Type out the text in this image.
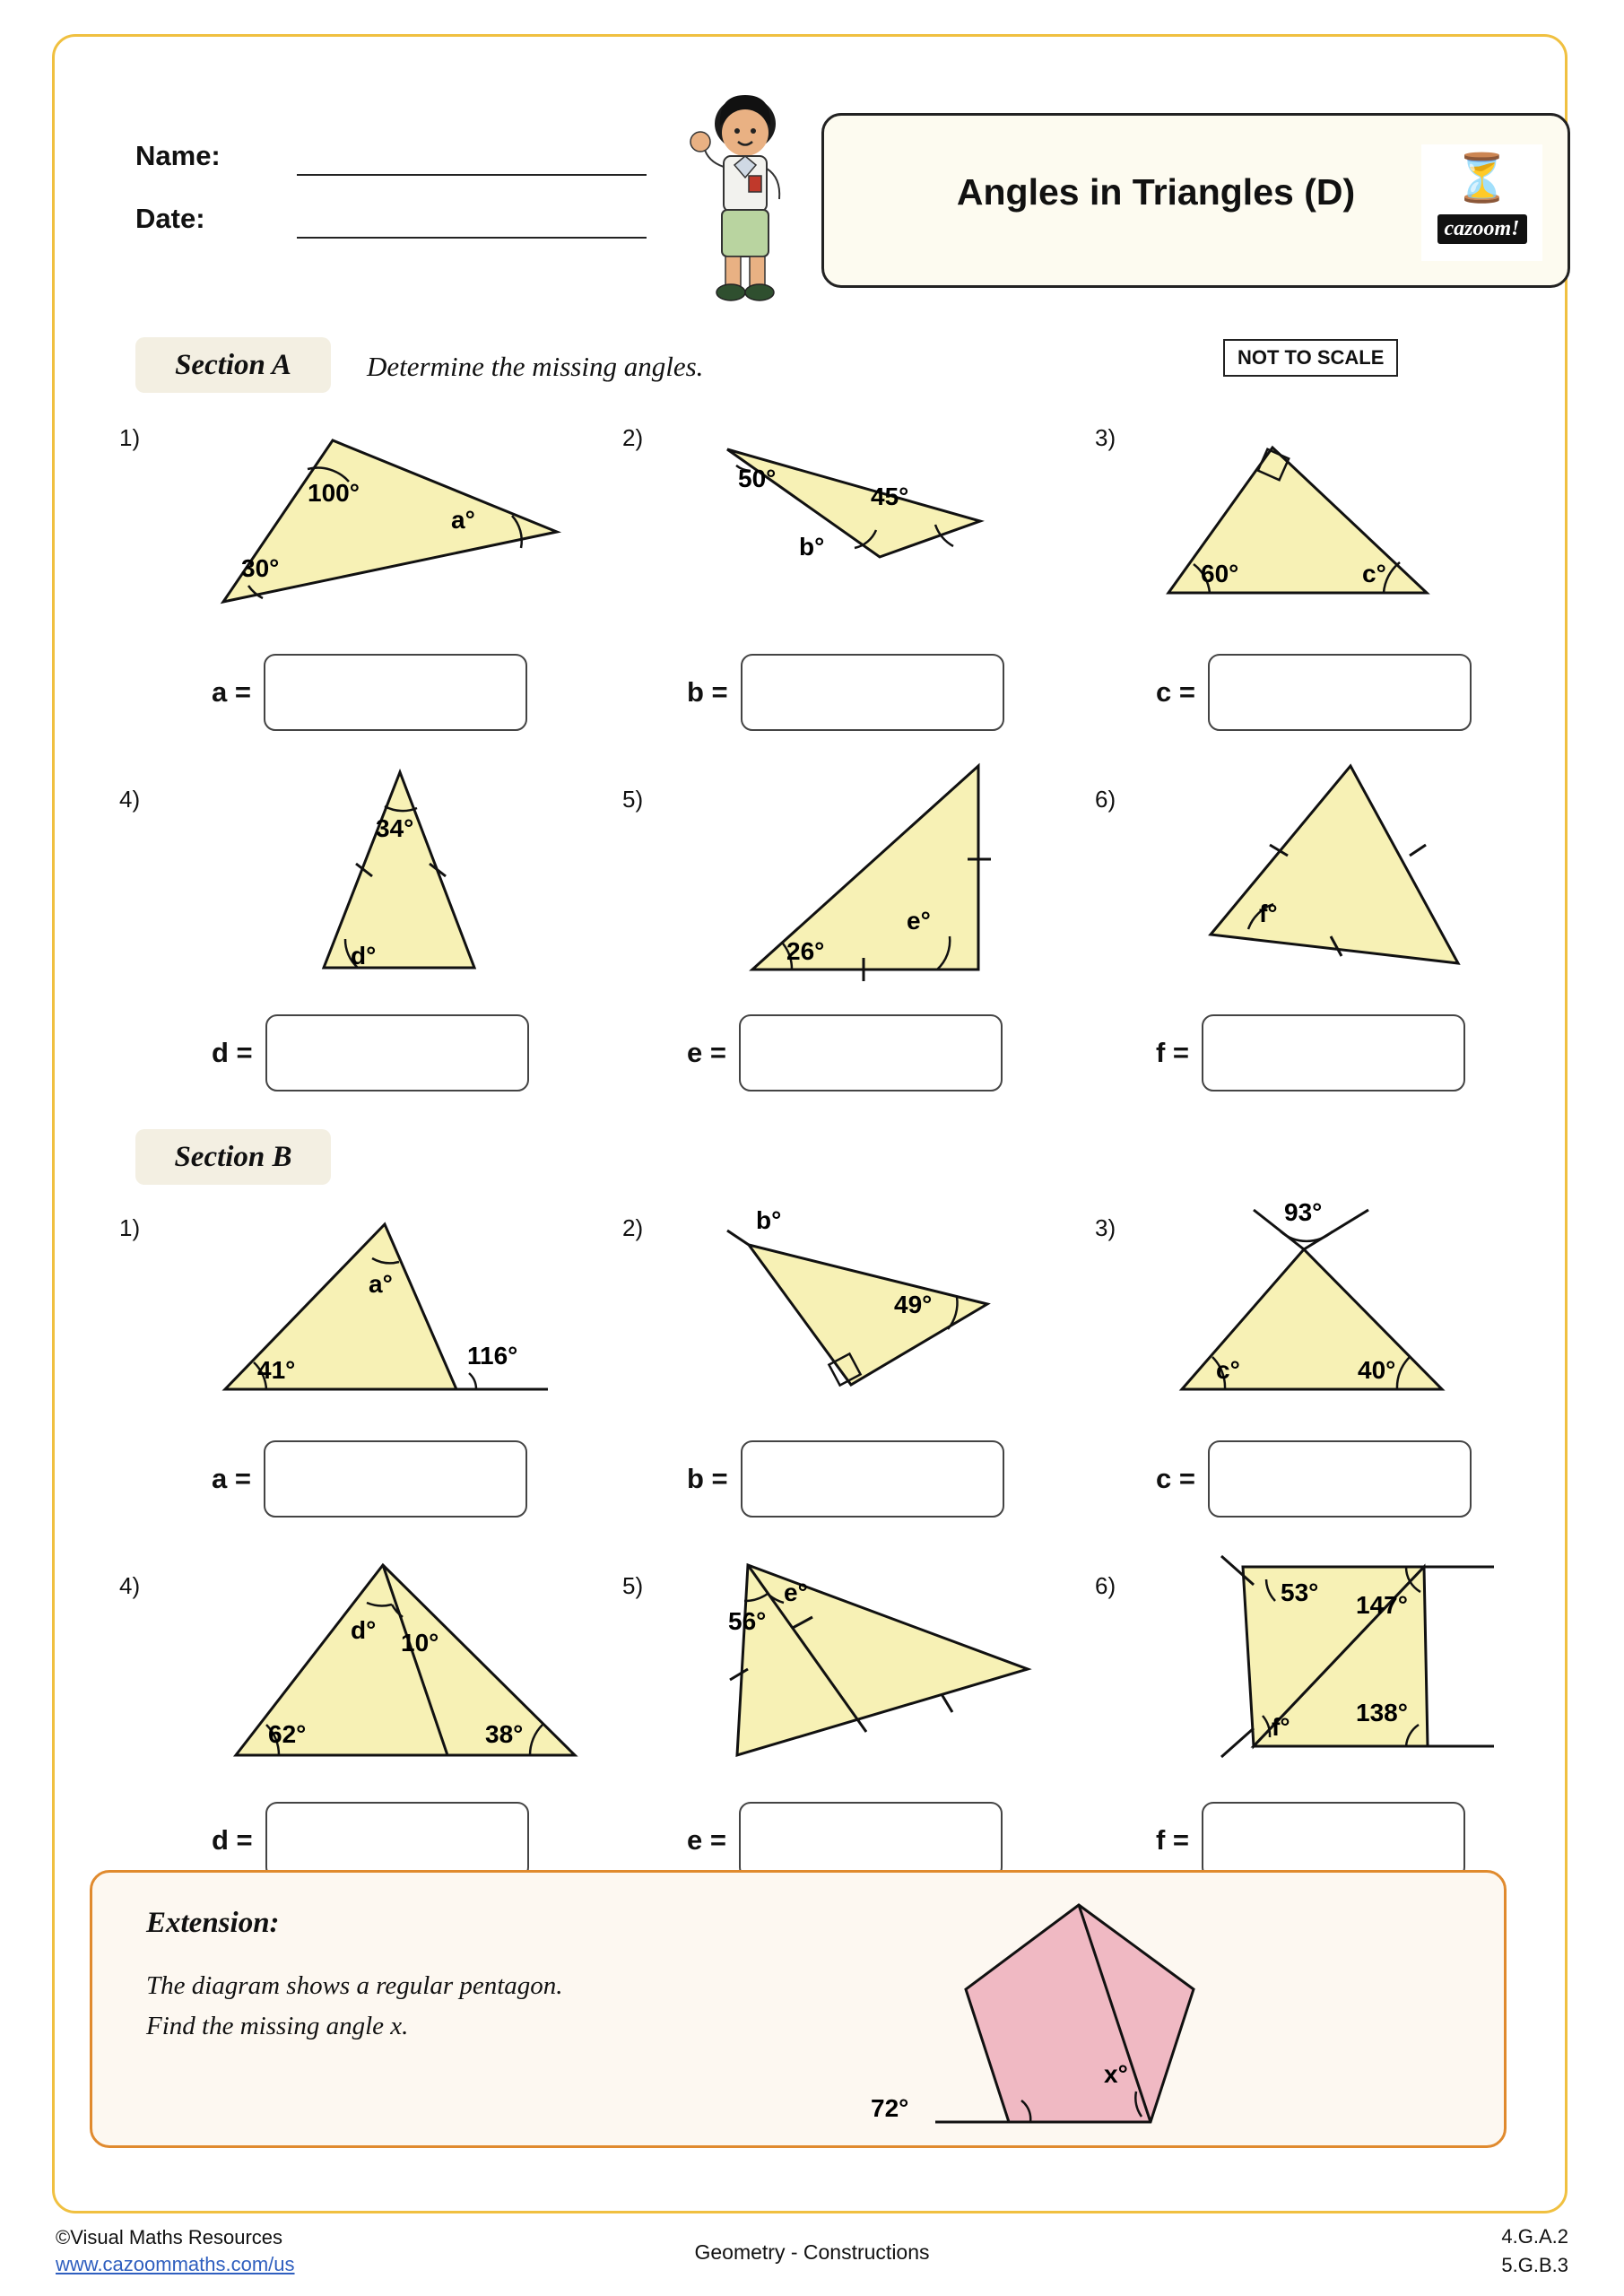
Name:
Date:
Angles in Triangles (D)	⏳
cazoom!
Section A	Determine the missing angles.	NOT TO SCALE
1)
100°
a°
30°
a =
2)
50°
45°
b°
b =
3)
60°	c°
c =
4)
34°
d°
d =
5)
26°
e°
e =
6)
f°
f =
Section B
1)
a°
41°
116°
a =
2)	b°
49°
b =
3)
93°
c°	40°
c =
4)
d° 10°
62°	38°
d =
5)
56°
e°
e =
6)	53° 147°
138°
f°
f =
Extension:
The diagram shows a regular pentagon.
Find the missing angle x.
72°
x°
©Visual Maths Resources
www.cazoommaths.com/us
Geometry - Constructions
4.G.A.2
5.G.B.3
